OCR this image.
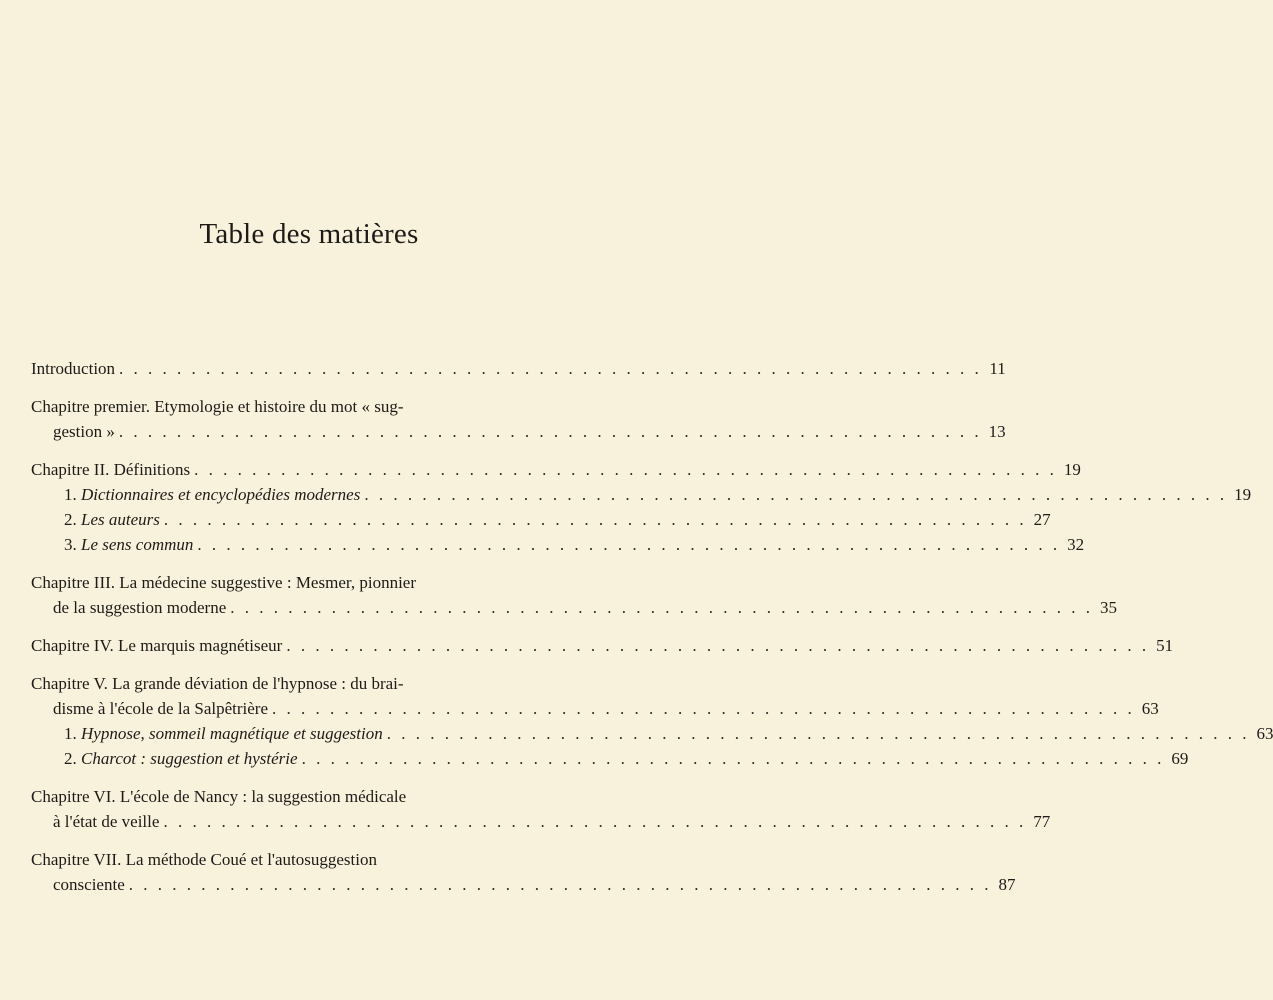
Table des matières
Introduction . . . . . . . . . . . . . . . . . . . . . . . . . . . . . . . . . . . . . . . . . . . . . . . . . . . . . . . . . . . . 11
Chapitre premier. Etymologie et histoire du mot « sug-
gestion » . . . . . . . . . . . . . . . . . . . . . . . . . . . . . . . . . . . . . . . . . . . . . . . . . . . . . . . . . . . . 13
Chapitre II. Définitions . . . . . . . . . . . . . . . . . . . . . . . . . . . . . . . . . . . . . . . . . . . . . . . . . . . . . . . . . . . . 19
1. Dictionnaires et encyclopédies modernes . . . . . . . . . . . . . . . . . . . . . . . . . . . . . . . . . . . . . . . . . . . . . . . . . . . . . . . . . . . . 19
2. Les auteurs . . . . . . . . . . . . . . . . . . . . . . . . . . . . . . . . . . . . . . . . . . . . . . . . . . . . . . . . . . . . 27
3. Le sens commun . . . . . . . . . . . . . . . . . . . . . . . . . . . . . . . . . . . . . . . . . . . . . . . . . . . . . . . . . . . . 32
Chapitre III. La médecine suggestive : Mesmer, pionnier
de la suggestion moderne . . . . . . . . . . . . . . . . . . . . . . . . . . . . . . . . . . . . . . . . . . . . . . . . . . . . . . . . . . . . 35
Chapitre IV. Le marquis magnétiseur . . . . . . . . . . . . . . . . . . . . . . . . . . . . . . . . . . . . . . . . . . . . . . . . . . . . . . . . . . . . 51
Chapitre V. La grande déviation de l'hypnose : du brai-
disme à l'école de la Salpêtrière . . . . . . . . . . . . . . . . . . . . . . . . . . . . . . . . . . . . . . . . . . . . . . . . . . . . . . . . . . . . 63
1. Hypnose, sommeil magnétique et suggestion . . . . . . . . . . . . . . . . . . . . . . . . . . . . . . . . . . . . . . . . . . . . . . . . . . . . . . . . . . . . 63
2. Charcot : suggestion et hystérie . . . . . . . . . . . . . . . . . . . . . . . . . . . . . . . . . . . . . . . . . . . . . . . . . . . . . . . . . . . . 69
Chapitre VI. L'école de Nancy : la suggestion médicale
à l'état de veille . . . . . . . . . . . . . . . . . . . . . . . . . . . . . . . . . . . . . . . . . . . . . . . . . . . . . . . . . . . . 77
Chapitre VII. La méthode Coué et l'autosuggestion
consciente . . . . . . . . . . . . . . . . . . . . . . . . . . . . . . . . . . . . . . . . . . . . . . . . . . . . . . . . . . . . 87
